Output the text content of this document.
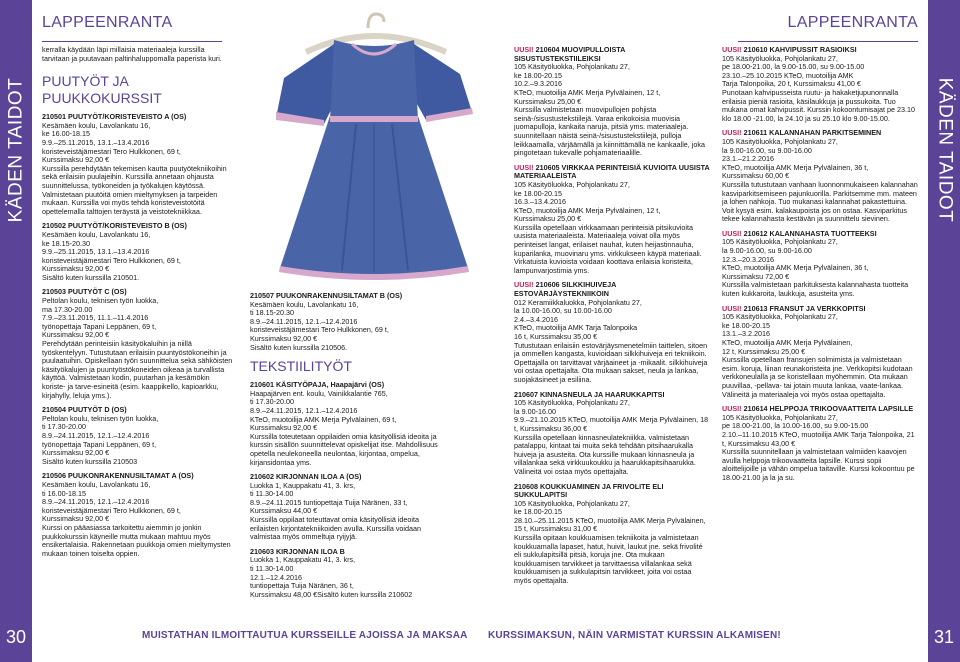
KÄDEN TAIDOT
30
KÄDEN TAIDOT
31
LAPPEENRANTA	LAPPEENRANTA
kerralla käydään läpi millaisia materiaaleja kurssilla tarvitaan ja puutavaan paltinhaluppomalla paperista kuri.
PUUTYÖT JA PUUKKOKURSSIT
210501 PUUTYÖT/KORISTEVEISTO A (OS)
Kesämäen koulu, Lavolankatu 16,
ke 16.00-18.15
9.9.–25.11.2015, 13.1.–13.4.2016
koristeveistäjämestari Tero Hulkkonen, 69 t,
Kurssimaksu 92,00 €
Kurssilla perehdytään tekemisen kautta puutyötekniikoihin sekä erilaisiin puulajeihin. Kurssilla annetaan ohjausta suunnittelussa, työkoneiden ja työkalujen käytössä. Valmistetaan puutöitä omien mieltymyksen ja tarpeiden mukaan. Kurssilla voi myös tehdä koristeveistotöitä opettelemalla talttojen teräystä ja veistotekniikkaa.
210502 PUUTYÖT/KORISTEVEISTO B (OS)
Kesämäen koulu, Lavolankatu 16,
ke 18.15-20.30
9.9.–25.11.2015, 13.1.–13.4.2016
koristeveistäjämestari Tero Hulkkonen, 69 t,
Kurssimaksu 92,00 €
Sisältö kuten kurssilla 210501.
210503 PUUTYÖT C (OS)
Peltolan koulu, teknisen työn luokka,
ma 17.30-20.00
7.9.–23.11.2015, 11.1.–11.4.2016
työnopettaja Tapani Leppänen, 69 t,
Kurssimaksu 92,00 €
Perehdytään perinteisiin käsityökaluihin ja niillä työskentelyyn. Tutustutaan erilaisiin puuntyöstökoneihin ja puulaatuihin. Opiskellaan työn suunnittelua sekä sähköisten käsityökalujen ja puuntyöstökoneiden oikeaa ja turvallista käyttöä. Valmistetaan kodin, puutarhan ja kesämökin koriste- ja tarve-esineitä (esim. kaappikello, kapioarkku, kirjahylly, leluja yms.).
210504 PUUTYÖT D (OS)
Peltolan koulu, teknisen työn luokka,
ti 17.30-20.00
8.9.–24.11.2015, 12.1.–12.4.2016
työnopettaja Tapani Leppänen, 69 t,
Kurssimaksu 92,00 €
Sisältö kuten kurssilla 210503
210506 PUUKONRAKENNUSILTAMAT A (OS)
Kesämäen koulu, Lavolankatu 16,
ti 16.00-18.15
8.9.–24.11.2015, 12.1.–12.4.2016
koristeveistäjämestari Tero Hulkkonen, 69 t,
Kurssimaksu 92,00 €
Kurssi on pääasiassa tarkoitettu aiemmin jo jonkin puukkokurssin käyneille mutta mukaan mahtuu myös ensikertalaisia. Rakennetaan puukkoja omien mieltymysten mukaan toinen toiselta oppien.
210507 PUUKONRAKENNUSILTAMAT B (OS)
Kesämäen koulu, Lavolankatu 16,
ti 18.15-20.30
8.9.–24.11.2015, 12.1.–12.4.2016
koristeveistäjämestari Tero Hulkkonen, 69 t,
Kurssimaksu 92,00 €
Sisältö kuten kurssilla 210506.
TEKSTIILITYÖT
210601 KÄSITYÖPAJA, Haapajärvi (OS)
Haapajärven ent. koulu, Vainikkalantie 765,
ti 17.30-20.00
8.9.–24.11.2015, 12.1.–12.4.2016
KTeO, muotoilija AMK Merja Pylvälainen, 69 t,
Kurssimaksu 92,00 €
Kurssilla toteutetaan oppilaiden omia käsityöllisiä ideoita ja kurssin sisällön suunnittelevat opiskelijat itse. Mahdollisuus opetella neulekoneella neulontaa, kirjontaa, ompelua, kirjansidontaa yms.
210602 KIRJONNAN ILOA A (OS)
Luokka 1, Kauppakatu 41, 3. krs,
ti 11.30-14.00
8.9.–24.11.2015 tuntiopettaja Tuija Näränen, 33 t, Kurssimaksu 44,00 €
Kurssilla oppilaat toteuttavat omia käsityöllisiä ideoita erilaisten kirjontatekniikoiden avulla. Kurssilla voidaan valmistaa myös ommeltuja ryijyjä.
210603 KIRJONNAN ILOA B
Luokka 1, Kauppakatu 41, 3. krs,
ti 11.30-14.00
12.1.–12.4.2016
tuntiopettaja Tuija Näränen, 36 t,
Kurssimaksu 48,00 €Sisältö kuten kurssilla 210602
UUSI! 210604 MUOVIPULLOISTA SISUSTUSTEKSTIILEIKSI
105 Käsityöluokka, Pohjolankatu 27,
ke 18.00-20.15
10.2.–9.3.2016
KTeO, muotoilija AMK Merja Pylvälainen, 12 t,
Kurssimaksu 25,00 €
Kurssilla valmistetaan muovipullojen pohjista seinä-/sisustustekstiilejä. Varaa erikokoisia muovisia juomapulloja, kankaita naruja, pitsiä yms. materiaaleja. suunnitellaan näistä seinä-/sisustustekstiilejä, pulloja leikkaamalla, värjäämällä ja kiinnittämällä ne kankaalle, joka pingotetaan tukevalle pohjamateriaalille.
UUSI! 210605 VIRKKAA PERINTEISIÄ KUVIOITA UUSISTA MATERIAALEISTA
105 Käsityöluokka, Pohjolankatu 27,
ke 18.00-20.15
16.3.–13.4.2016
KTeO, muotoilija AMK Merja Pylvälainen, 12 t,
Kurssimaksu 25,00 €
Kurssilla opetellaan virkkaamaan perinteisiä pitsikuvioita uusista materiaaleista. Materiaaleja voivat olla myös perinteiset langat, erilaiset nauhat, kuten heijastinnauha, kuparilanka, muovinaru yms. virkkukseen käypä materiaali. Virkatuista kuvioista voidaan koottava erilaisia koristeita, lampunvarjostimia yms.
UUSI! 210606 SILKKIHUIVEJA ESTOVÄRJÄYSTEKNIIKOIN
012 Keramiikkaluokka, Pohjolankatu 27,
la 10.00-16.00, su 10.00-16.00
2.4.–3.4.2016
KTeO, muotoilija AMK Tarja Talonpoika
16 t, Kurssimaksu 35,00 €
Tutustutaan erilaisiin estovärjäysmenetelmiin taittelen, sitoen ja ommellen kangasta, kuvioidaan silkkihuiveja eri tekniikoin. Opettajalla on tarvittavat värjäaineet ja -mikaalit. silkkihuiveja voi ostaa opettajalta. Ota mukaan sakset, neula ja lankaa, suojakäsineet ja esiliina.
210607 KINNASNEULA JA HAARUKKAPITSI
105 Käsityöluokka, Pohjolankatu 27,
la 9.00-16.00
9.9.–21.10.2015 KTeO, muotoilija AMK Merja Pylvälainen, 18 t, Kurssimaksu 36,00 €
Kurssilla opetellaan kinnasneulatekniikka. valmistetaan patalappu, kintaat tai muita sekä tehdään pitsihaarukalla huiveja ja asusteita. Ota kurssille mukaan kinnasneula ja villalankaa sekä virkkuukoukku ja haarukkapitsihaarukka. Välineitä voi ostaa myös opettajalta.
210608 KOUKKUAMINEN JA FRIVOLITE ELI SUKKULAPITSI
105 Käsityöluokka, Pohjolankatu 27,
ke 18.00-20.15
28.10.–25.11.2015 KTeO, muotoilija AMK Merja Pylvälainen, 15 t, Kurssimaksu 31,00 €
Kurssilla opitaan koukkuamisen tekniikoita ja valmistetaan koukkuamalla lapaset, hatut, huivit, laukut jne. sekä frivolité eli sukkulapitsillä pitsiä, koruja jne. Ota mukaan koukkuamisen tarvikkeet ja tarvittaessa villalankaa sekä koukkuamisen ja sukkulapitsin tarvikkeet, joita voi ostaa myös opettajalta.
UUSI! 210610 KAHVIPUSSIT RASIOIKSI
105 Käsityöluokka, Pohjolankatu 27,
pe 18.00-21.00, la 9.00-15.00, su 9.00-15.00
23.10.–25.10.2015 KTeO, muotoilija AMK
Tarja Talonpoika, 20 t, Kurssimaksu 41,00 €
Punotaan kahvipusseista ruutu- ja hakaketjupunonnalla erilaisia pieniä rasioita, käsilaukkuja ja pussukoita. Tuo mukana omat kahvipussit. Kurssin kokoontumisajat pe 23.10 klo 18.00 -21.00, la 24.10 ja su 25.10 klo 9.00-15.00.
UUSI! 210611 KALANNAHAN PARKITSEMINEN
105 Käsityöluokka, Pohjolankatu 27,
la 9.00-16.00, su 9.00-16.00
23.1.–21.2.2016
KTeO, muotoilija AMK Merja Pylvälainen, 36 t,
Kurssimaksu 60,00 €
Kurssilla tutustutaan vanhaan luonnonmukaiseen kalannahan kasviparkitsemiseen pajunkuorilla. Parkitsemme mm. mateen ja lohen nahkoja. Tuo mukanasi kalannahat pakastettuina. Voit kysyä esim. kalakaupoista jos on ostaa. Kasviparkitus tekee kalannahasta kestävän ja suunnittelu sievinen.
UUSI! 210612 KALANNAHASTA TUOTTEEKSI
105 Käsityöluokka, Pohjolankatu 27,
la 9.00-16.00, su 9.00-16.00
12.3.–20.3.2016
KTeO, muotoilija AMK Merja Pylvälainen, 36 t,
Kurssimaksu 72,00 €
Kurssilla valmistetaan parkituksesta kalannahasta tuotteita kuten kukkaroita, laukkuja, asusteita yms.
UUSI! 210613 FRANSUT JA VERKKOPITSI
105 Käsityöluokka, Pohjolankatu 27,
ke 18.00-20.15
13.1.–3.2.2016
KTeO, muotoilija AMK Merja Pylvälainen,
12 t, Kurssimaksu 25,00 €
Kurssilla opetellaan fransujen solmimista ja valmistetaan esim. koruja, liinan reunakoristeita jne. Verkkopitsi kudotaan verkkoneulalla ja se koristellaan myöhemmin. Ota mukaan puuvillaa, -pellava- tai jotain muuta lankaa, vaate-lankaa. Välineitä ja materiaaleja voi myös ostaa opettajalta.
UUSI! 210614 HELPPOJA TRIKOOVAATTEITA LAPSILLE
105 Käsityöluokka, Pohjolankatu 27,
pe 18.00-21.00, la 10.00-16.00, su 9.00-15.00
2.10.–11.10.2015 KTeO, muotoilija AMK Tarja Talonpoika, 21 t, Kurssimaksu 43,00 €
Kurssilla suunnitellaan ja valmistetaan valmiiden kaavojen avulla helppoja trikoovaatteita lapsille. Kurssi sopii aloittelijoille ja vähän ompelua taitaville. Kurssi kokoontuu pe 18.00-21.00 ja la ja su.
MUISTATHAN ILMOITTAUTUA KURSSEILLE AJOISSA JA MAKSAA	KURSSIMAKSUN, NÄIN VARMISTAT KURSSIN ALKAMISEN!
